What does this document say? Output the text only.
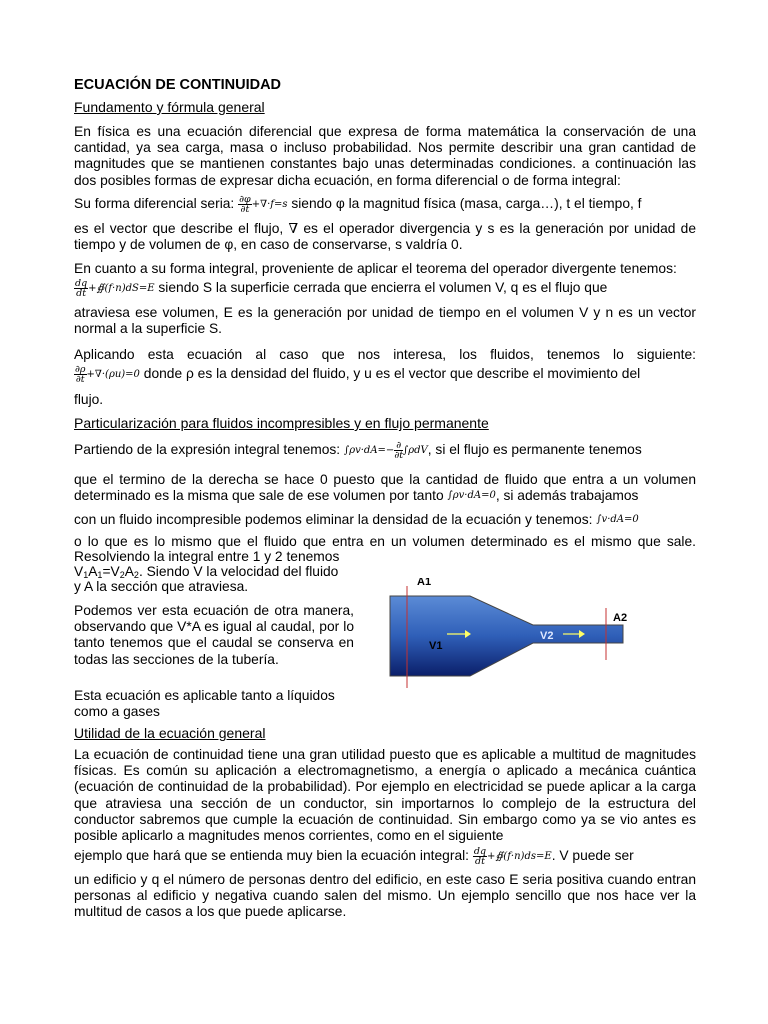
ECUACIÓN DE CONTINUIDAD
Fundamento y fórmula general
En física es una ecuación diferencial que expresa de forma matemática la conservación de una cantidad, ya sea carga, masa o incluso probabilidad. Nos permite describir una gran cantidad de magnitudes que se mantienen constantes bajo unas determinadas condiciones. a continuación las dos posibles formas de expresar dicha ecuación, en forma diferencial o de forma integral:
Su forma diferencial seria: $\frac{\partial\varphi}{\partial t} +\nabla\cdot f=s$ siendo φ la magnitud física (masa, carga…), t el tiempo, f
es el vector que describe el flujo, ∇ es el operador divergencia y s es la generación por unidad de
tiempo y de volumen de φ, en caso de conservarse, s valdría 0.
En cuanto a su forma integral, proveniente de aplicar el teorema del operador divergente tenemos:
$\frac{dq}{dt}$ +∯(f·n)dS=E siendo S la superficie cerrada que encierra el volumen V, q es el flujo que
atraviesa ese volumen, E es la generación por unidad de tiempo en el volumen V y n es un vector normal a la superficie S.
Aplicando esta ecuación al caso que nos interesa, los fluidos, tenemos lo siguiente:
$\frac{\partial\rho}{\partial t} +\nabla\cdot(\rho u)=0$ donde ρ es la densidad del fluido, y u es el vector que describe el movimiento del
flujo.
Particularización para fluidos incompresibles y en flujo permanente
Partiendo de la expresión integral tenemos: $\int\rho v\cdot dA=- \frac{\partial}{\partial t} \int\rho dV$, si el flujo es permanente tenemos
que el termino de la derecha se hace 0 puesto que la cantidad de fluido que entra a un volumen
determinado es la misma que sale de ese volumen por tanto ∫ρv·dA=0, si además trabajamos
con un fluido incompresible podemos eliminar la densidad de la ecuación y tenemos: ∫v·dA=0
o lo que es lo mismo que el fluido que entra en un volumen determinado es el mismo que sale.
Resolviendo la integral entre 1 y 2 tenemos
$V_1A_1=V_2A_2$. Siendo V la velocidad del fluido
y A la sección que atraviesa.
Podemos ver esta ecuación de otra manera, observando que V*A es igual al caudal, por lo tanto tenemos que el caudal se conserva en todas las secciones de la tubería.
Esta ecuación es aplicable tanto a líquidos como a gases
Utilidad de la ecuación general
La ecuación de continuidad tiene una gran utilidad puesto que es aplicable a multitud de magnitudes físicas. Es común su aplicación a electromagnetismo, a energía o aplicado a mecánica cuántica (ecuación de continuidad de la probabilidad). Por ejemplo en electricidad se puede aplicar a la carga que atraviesa una sección de un conductor, sin importarnos lo complejo de la estructura del conductor sabremos que cumple la ecuación de continuidad. Sin embargo como ya se vio antes es posible aplicarlo a magnitudes menos corrientes, como en el siguiente
ejemplo que hará que se entienda muy bien la ecuación integral: $\frac{dq}{dt}$ +∯(f·n)ds=E. V puede ser
un edificio y q el número de personas dentro del edificio, en este caso E seria positiva cuando entran personas al edificio y negativa cuando salen del mismo. Un ejemplo sencillo que nos hace ver la multitud de casos a los que puede aplicarse.
A1
A2
V1
V2
